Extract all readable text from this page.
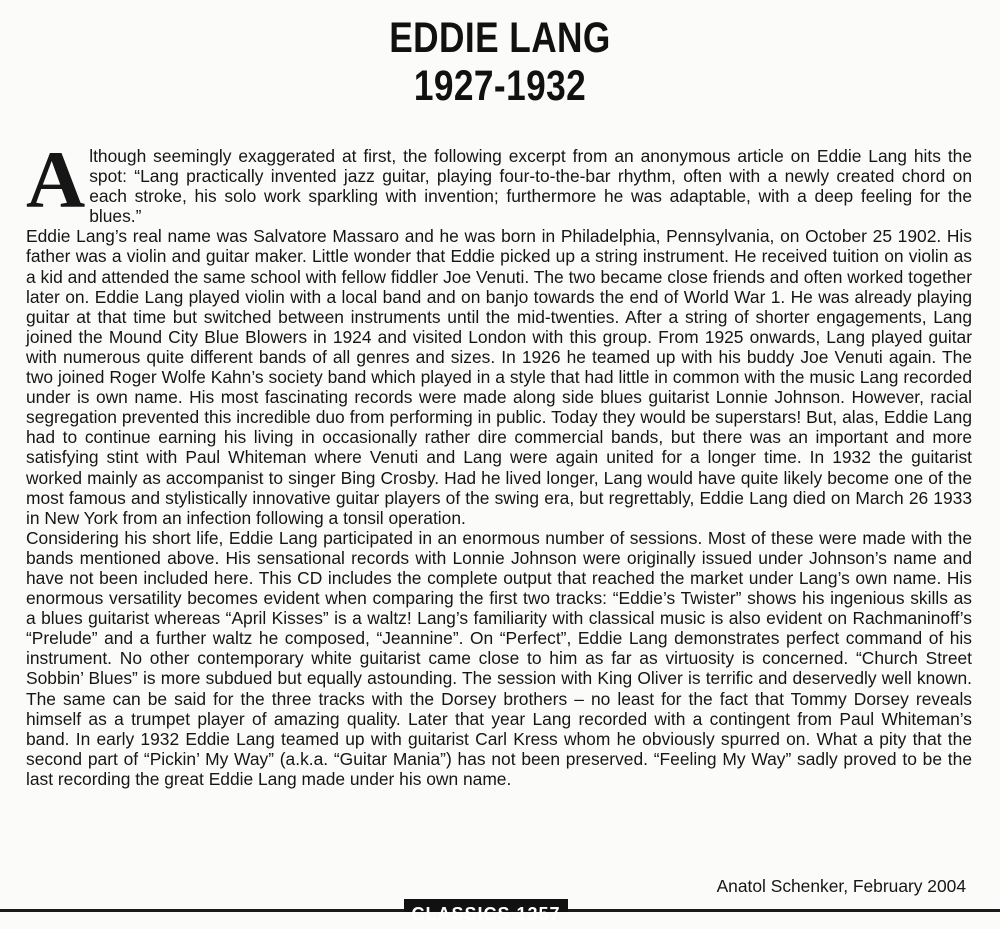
EDDIE LANG
1927-1932

Although seemingly exaggerated at first, the following excerpt from an anonymous article on Eddie Lang hits the spot: “Lang practically invented jazz guitar, playing four-to-the-bar rhythm, often with a newly created chord on each stroke, his solo work sparkling with invention; furthermore he was adaptable, with a deep feeling for the blues.”

Eddie Lang’s real name was Salvatore Massaro and he was born in Philadelphia, Pennsylvania, on October 25 1902. His father was a violin and guitar maker. Little wonder that Eddie picked up a string instrument. He received tuition on violin as a kid and attended the same school with fellow fiddler Joe Venuti. The two became close friends and often worked together later on. Eddie Lang played violin with a local band and on banjo towards the end of World War 1. He was already playing guitar at that time but switched between instruments until the mid-twenties. After a string of shorter engagements, Lang joined the Mound City Blue Blowers in 1924 and visited London with this group. From 1925 onwards, Lang played guitar with numerous quite different bands of all genres and sizes. In 1926 he teamed up with his buddy Joe Venuti again. The two joined Roger Wolfe Kahn’s society band which played in a style that had little in common with the music Lang recorded under is own name. His most fascinating records were made along side blues guitarist Lonnie Johnson. However, racial segregation prevented this incredible duo from performing in public. Today they would be superstars! But, alas, Eddie Lang had to continue earning his living in occasionally rather dire commercial bands, but there was an important and more satisfying stint with Paul Whiteman where Venuti and Lang were again united for a longer time. In 1932 the guitarist worked mainly as accompanist to singer Bing Crosby. Had he lived longer, Lang would have quite likely become one of the most famous and stylistically innovative guitar players of the swing era, but regrettably, Eddie Lang died on March 26 1933 in New York from an infection following a tonsil operation.

Considering his short life, Eddie Lang participated in an enormous number of sessions. Most of these were made with the bands mentioned above. His sensational records with Lonnie Johnson were originally issued under Johnson’s name and have not been included here. This CD includes the complete output that reached the market under Lang’s own name. His enormous versatility becomes evident when comparing the first two tracks: “Eddie’s Twister” shows his ingenious skills as a blues guitarist whereas “April Kisses” is a waltz! Lang’s familiarity with classical music is also evident on Rachmaninoff’s “Prelude” and a further waltz he composed, “Jeannine”. On “Perfect”, Eddie Lang demonstrates perfect command of his instrument. No other contemporary white guitarist came close to him as far as virtuosity is concerned. “Church Street Sobbin’ Blues” is more subdued but equally astounding. The session with King Oliver is terrific and deservedly well known. The same can be said for the three tracks with the Dorsey brothers – no least for the fact that Tommy Dorsey reveals himself as a trumpet player of amazing quality. Later that year Lang recorded with a contingent from Paul Whiteman’s band. In early 1932 Eddie Lang teamed up with guitarist Carl Kress whom he obviously spurred on. What a pity that the second part of “Pickin’ My Way” (a.k.a. “Guitar Mania”) has not been preserved. “Feeling My Way” sadly proved to be the last recording the great Eddie Lang made under his own name.

Anatol Schenker, February 2004
CLASSICS 1357
